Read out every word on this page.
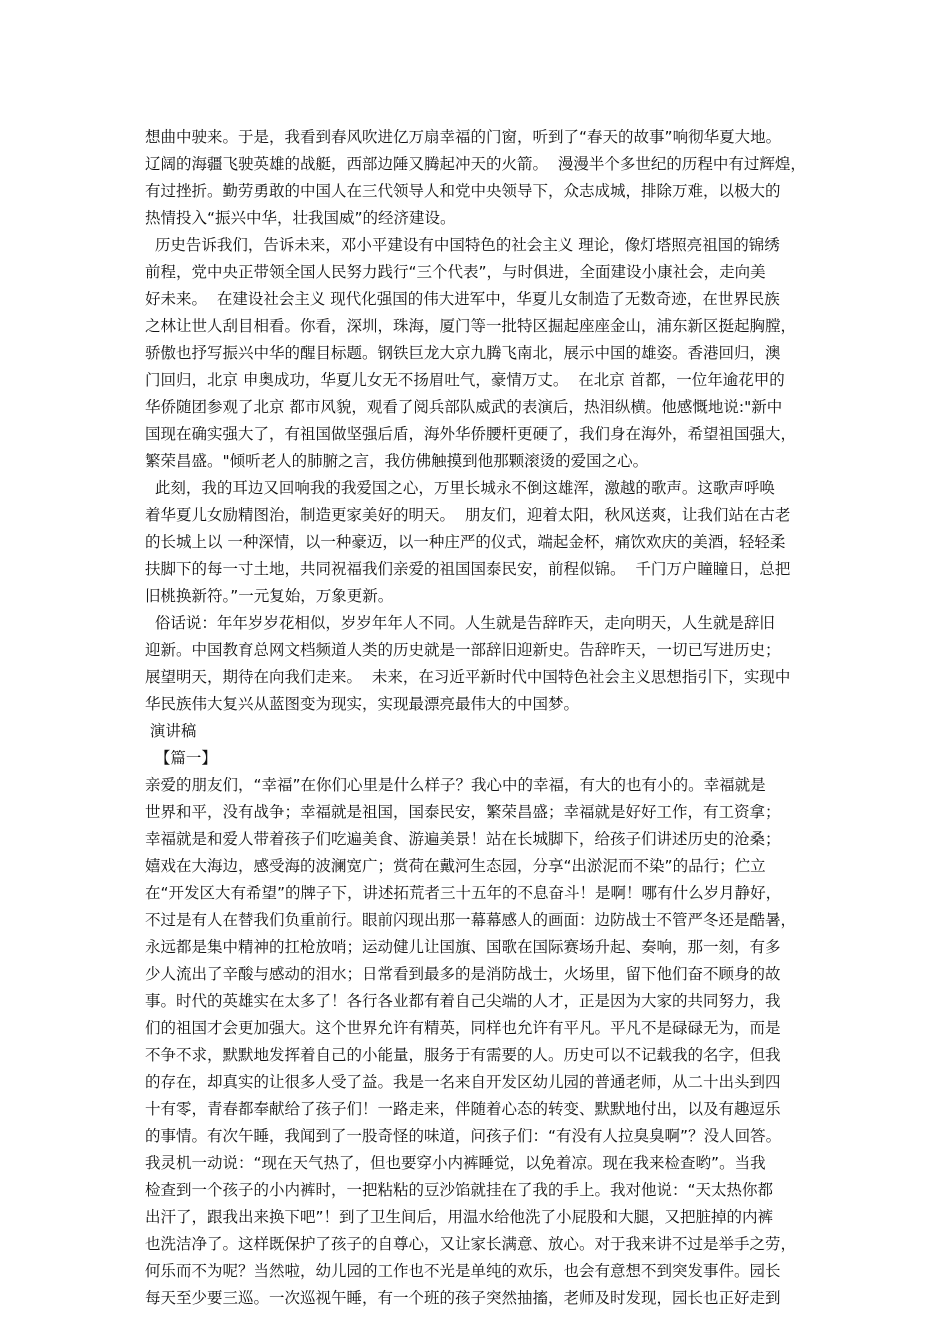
想曲中驶来。于是，我看到春风吹进亿万扇幸福的门窗，听到了“春天的故事”响彻华夏大地。
辽阔的海疆飞驶英雄的战艇，西部边陲又腾起冲天的火箭。  漫漫半个多世纪的历程中有过辉煌，
有过挫折。勤劳勇敢的中国人在三代领导人和党中央领导下，众志成城，排除万难，以极大的
热情投入“振兴中华，壮我国威”的经济建设。
历史告诉我们，告诉未来，邓小平建设有中国特色的社会主义 理论，像灯塔照亮祖国的锦绣
前程，党中央正带领全国人民努力践行“三个代表”，与时俱进，全面建设小康社会，走向美
好未来。  在建设社会主义 现代化强国的伟大进军中，华夏儿女制造了无数奇迹，在世界民族
之林让世人刮目相看。你看，深圳，珠海，厦门等一批特区掘起座座金山，浦东新区挺起胸膛，
骄傲也抒写振兴中华的醒目标题。钢铁巨龙大京九腾飞南北，展示中国的雄姿。香港回归，澳
门回归，北京 申奥成功，华夏儿女无不扬眉吐气，豪情万丈。  在北京 首都，一位年逾花甲的
华侨随团参观了北京 都市风貌，观看了阅兵部队威武的表演后，热泪纵横。他感慨地说:"新中
国现在确实强大了，有祖国做坚强后盾，海外华侨腰杆更硬了，我们身在海外，希望祖国强大，
繁荣昌盛。"倾听老人的肺腑之言，我仿佛触摸到他那颗滚烫的爱国之心。
此刻，我的耳边又回响我的我爱国之心，万里长城永不倒这雄浑，激越的歌声。这歌声呼唤
着华夏儿女励精图治，制造更家美好的明天。  朋友们，迎着太阳，秋风送爽，让我们站在古老
的长城上以 一种深情，以一种豪迈，以一种庄严的仪式，端起金杯，痛饮欢庆的美酒，轻轻柔
扶脚下的每一寸土地，共同祝福我们亲爱的祖国国泰民安，前程似锦。  千门万户瞳瞳日，总把
旧桃换新符。”一元复始，万象更新。
俗话说：年年岁岁花相似，岁岁年年人不同。人生就是告辞昨天，走向明天，人生就是辞旧
迎新。中国教育总网文档频道人类的历史就是一部辞旧迎新史。告辞昨天，一切已写进历史；
展望明天，期待在向我们走来。  未来，在习近平新时代中国特色社会主义思想指引下，实现中
华民族伟大复兴从蓝图变为现实，实现最漂亮最伟大的中国梦。
演讲稿
【篇一】
亲爱的朋友们，“幸福”在你们心里是什么样子？我心中的幸福，有大的也有小的。幸福就是
世界和平，没有战争；幸福就是祖国，国泰民安，繁荣昌盛；幸福就是好好工作，有工资拿；
幸福就是和爱人带着孩子们吃遍美食、游遍美景！站在长城脚下，给孩子们讲述历史的沧桑；
嬉戏在大海边，感受海的波澜宽广；赏荷在戴河生态园，分享“出淤泥而不染”的品行；伫立
在“开发区大有希望”的牌子下，讲述拓荒者三十五年的不息奋斗！是啊！哪有什么岁月静好，
不过是有人在替我们负重前行。眼前闪现出那一幕幕感人的画面：边防战士不管严冬还是酷暑，
永远都是集中精神的扛枪放哨；运动健儿让国旗、国歌在国际赛场升起、奏响，那一刻，有多
少人流出了辛酸与感动的泪水；日常看到最多的是消防战士，火场里，留下他们奋不顾身的故
事。时代的英雄实在太多了！各行各业都有着自己尖端的人才，正是因为大家的共同努力，我
们的祖国才会更加强大。这个世界允许有精英，同样也允许有平凡。平凡不是碌碌无为，而是
不争不求，默默地发挥着自己的小能量，服务于有需要的人。历史可以不记载我的名字，但我
的存在，却真实的让很多人受了益。我是一名来自开发区幼儿园的普通老师，从二十出头到四
十有零，青春都奉献给了孩子们！一路走来，伴随着心态的转变、默默地付出，以及有趣逗乐
的事情。有次午睡，我闻到了一股奇怪的味道，问孩子们：“有没有人拉臭臭啊”？没人回答。
我灵机一动说：“现在天气热了，但也要穿小内裤睡觉，以免着凉。现在我来检查哟”。当我
检查到一个孩子的小内裤时，一把粘粘的豆沙馅就挂在了我的手上。我对他说：“天太热你都
出汗了，跟我出来换下吧”！到了卫生间后，用温水给他洗了小屁股和大腿，又把脏掉的内裤
也洗洁净了。这样既保护了孩子的自尊心，又让家长满意、放心。对于我来讲不过是举手之劳，
何乐而不为呢？当然啦，幼儿园的工作也不光是单纯的欢乐，也会有意想不到突发事件。园长
每天至少要三巡。一次巡视午睡，有一个班的孩子突然抽搐，老师及时发现，园长也正好走到
